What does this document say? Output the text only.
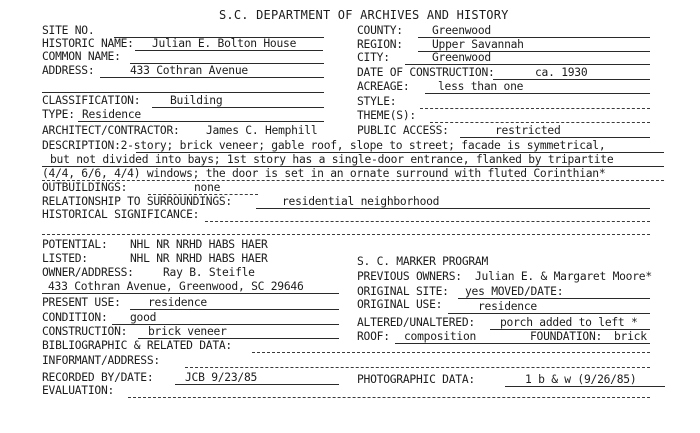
S.C. DEPARTMENT OF ARCHIVES AND HISTORY
SITE NO.
HISTORIC NAME: Julian E. Bolton House
COMMON NAME:
ADDRESS:	433 Cothran Avenue
CLASSIFICATION:	Building
TYPE: Residence
ARCHITECT/CONTRACTOR: James C. Hemphill
COUNTY:	Greenwood
REGION:	Upper Savannah
CITY:	Greenwood
DATE OF CONSTRUCTION:	ca. 1930
ACREAGE:	less than one
STYLE:
THEME(S):
PUBLIC ACCESS:	restricted
DESCRIPTION:2-story; brick veneer; gable roof, slope to street; facade is symmetrical,
but not divided into bays; 1st story has a single-door entrance, flanked by tripartite
(4/4, 6/6, 4/4) windows; the door is set in an ornate surround with fluted Corinthian*
OUTBUILDINGS:	none
RELATIONSHIP TO SURROUNDINGS:	residential neighborhood
HISTORICAL SIGNIFICANCE:
POTENTIAL: NHL NR NRHD HABS HAER
LISTED:	NHL NR NRHD HABS HAER
OWNER/ADDRESS:	Ray B. Steifle
433 Cothran Avenue, Greenwood, SC 29646
S. C. MARKER PROGRAM
PREVIOUS OWNERS: Julian E. & Margaret Moore*
ORIGINAL SITE: yes MOVED/DATE:
PRESENT USE: residence	ORIGINAL USE:	residence
CONDITION: good	ALTERED/UNALTERED: porch added to left *
CONSTRUCTION: brick veneer	ROOF: composition	FOUNDATION: brick
BIBLIOGRAPHIC & RELATED DATA:
INFORMANT/ADDRESS:
RECORDED BY/DATE:	JCB 9/23/85	PHOTOGRAPHIC DATA:	1 b & w (9/26/85)
EVALUATION:
